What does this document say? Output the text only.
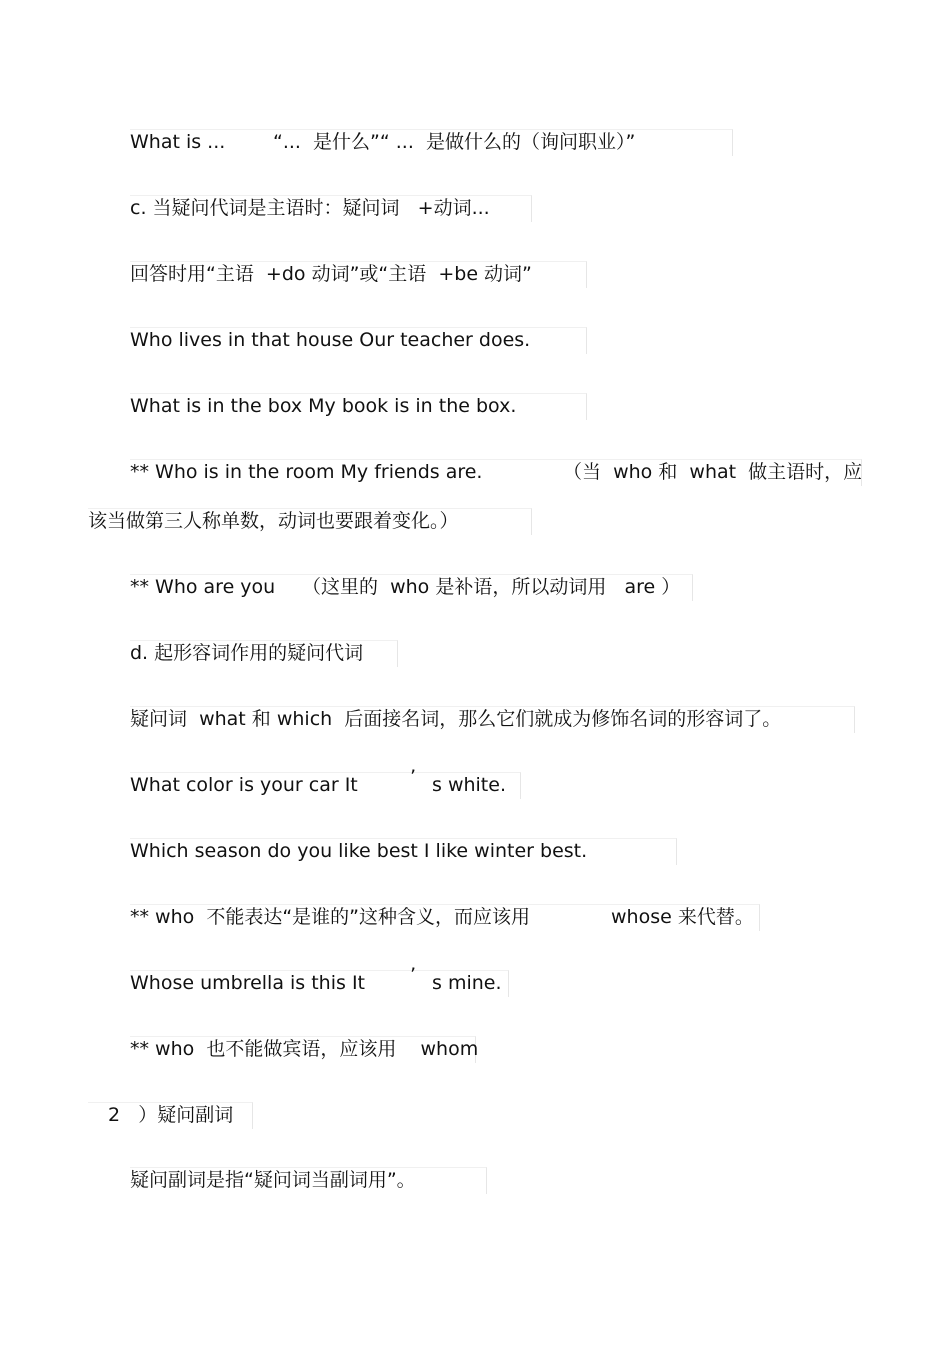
What is ...	“...  是什么”“ ...  是做什么的（询问职业）”
c. 当疑问代词是主语时：疑问词   +动词...
回答时用“主语  +do 动词”或“主语  +be 动词”
Who lives in that house Our teacher does.
What is in the box My book is in the box.
** Who is in the room My friends are.	（当  who 和  what  做主语时，应
该当做第三人称单数，动词也要跟着变化。）
** Who are you （这里的  who 是补语，所以动词用   are ）
d. 起形容词作用的疑问代词
疑问词  what 和 which  后面接名词，那么它们就成为修饰名词的形容词了。
What color is your car It	’ s white.
Which season do you like best I like winter best.
** who  不能表达“是谁的”这种含义，而应该用	whose 来代替。
Whose umbrella is this It ’ s mine.
** who  也不能做宾语，应该用    whom
2   ）疑问副词
疑问副词是指“疑问词当副词用”。
